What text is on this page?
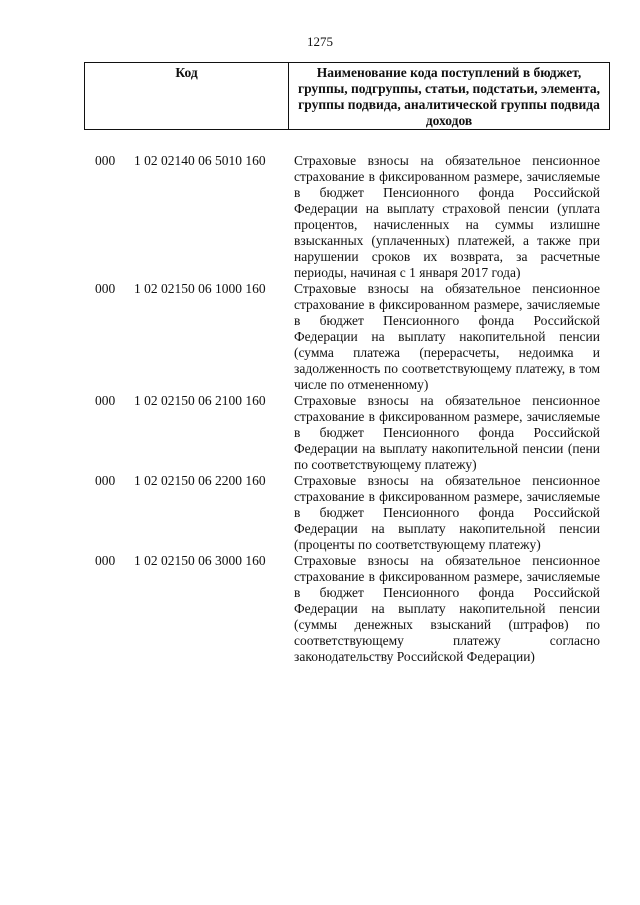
1275
Код	Наименование кода поступлений в бюджет, группы, подгруппы, статьи, подстатьи, элемента, группы подвида, аналитической группы подвида доходов
000 1 02 02140 06 5010 160 Страховые взносы на обязательное пенсионное страхование в фиксированном размере, зачисляемые в бюджет Пенсионного фонда Российской Федерации на выплату страховой пенсии (уплата процентов, начисленных на суммы излишне взысканных (уплаченных) платежей, а также при нарушении сроков их возврата, за расчетные периоды, начиная с 1 января 2017 года)
000 1 02 02150 06 1000 160 Страховые взносы на обязательное пенсионное страхование в фиксированном размере, зачисляемые в бюджет Пенсионного фонда Российской Федерации на выплату накопительной пенсии (сумма платежа (перерасчеты, недоимка и задолженность по соответствующему платежу, в том числе по отмененному)
000 1 02 02150 06 2100 160 Страховые взносы на обязательное пенсионное страхование в фиксированном размере, зачисляемые в бюджет Пенсионного фонда Российской Федерации на выплату накопительной пенсии (пени по соответствующему платежу)
000 1 02 02150 06 2200 160 Страховые взносы на обязательное пенсионное страхование в фиксированном размере, зачисляемые в бюджет Пенсионного фонда Российской Федерации на выплату накопительной пенсии (проценты по соответствующему платежу)
000 1 02 02150 06 3000 160 Страховые взносы на обязательное пенсионное страхование в фиксированном размере, зачисляемые в бюджет Пенсионного фонда Российской Федерации на выплату накопительной пенсии (суммы денежных взысканий (штрафов) по соответствующему платежу согласно законодательству Российской Федерации)
